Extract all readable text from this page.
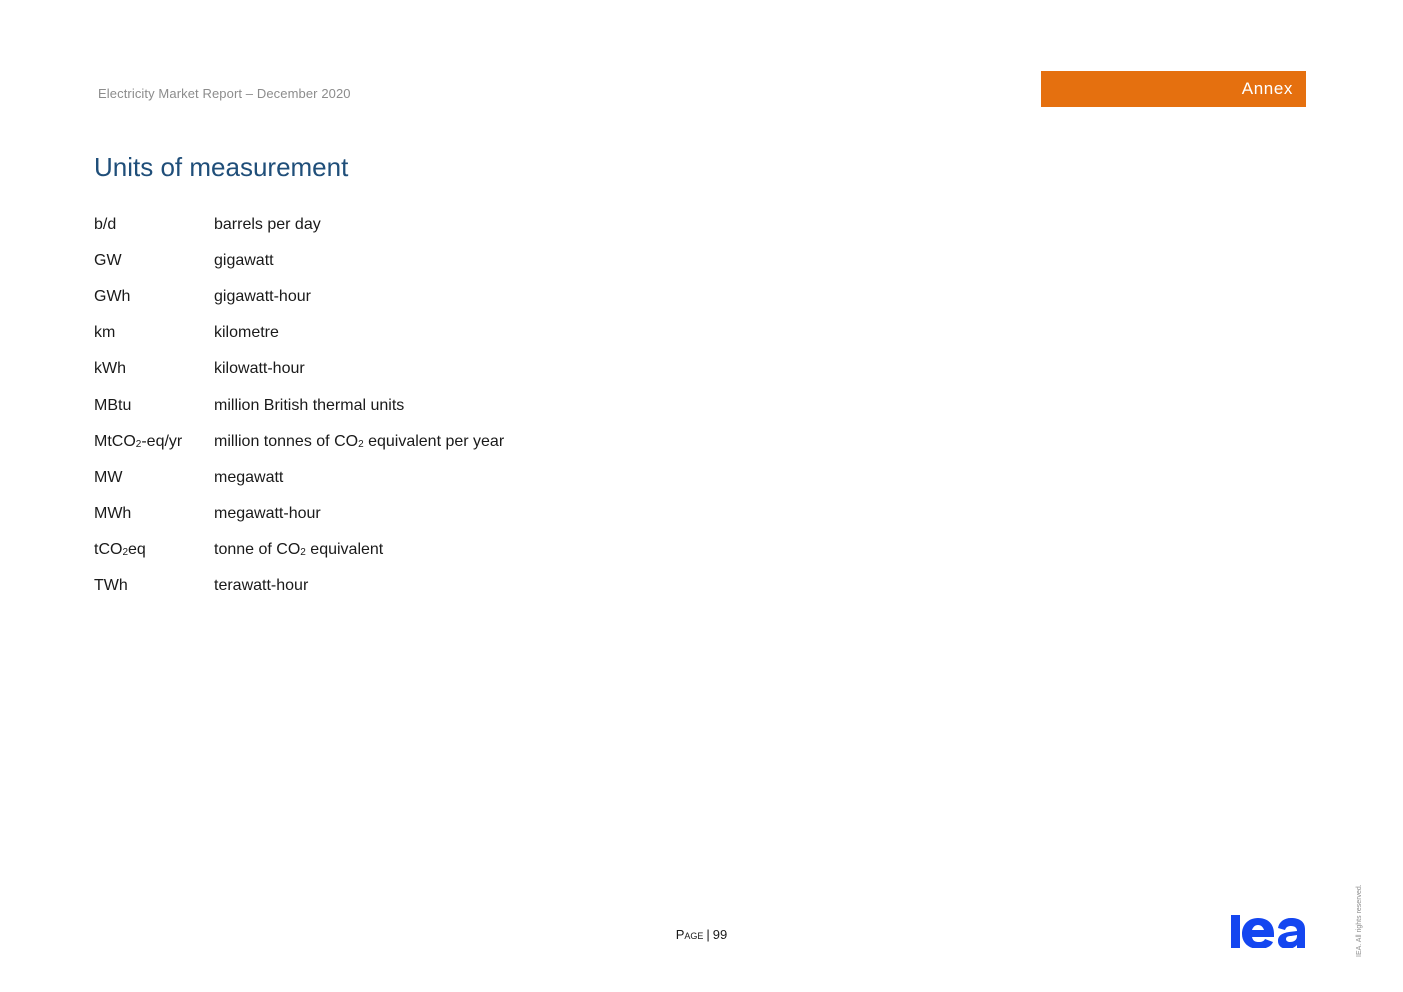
Electricity Market Report – December 2020	Annex
Units of measurement
b/d	barrels per day
GW	gigawatt
GWh	gigawatt-hour
km	kilometre
kWh	kilowatt-hour
MBtu	million British thermal units
MtCO2-eq/yr	million tonnes of CO2 equivalent per year
MW	megawatt
MWh	megawatt-hour
tCO2eq	tonne of CO2 equivalent
TWh	terawatt-hour
Page | 99	IEA. All rights reserved.
